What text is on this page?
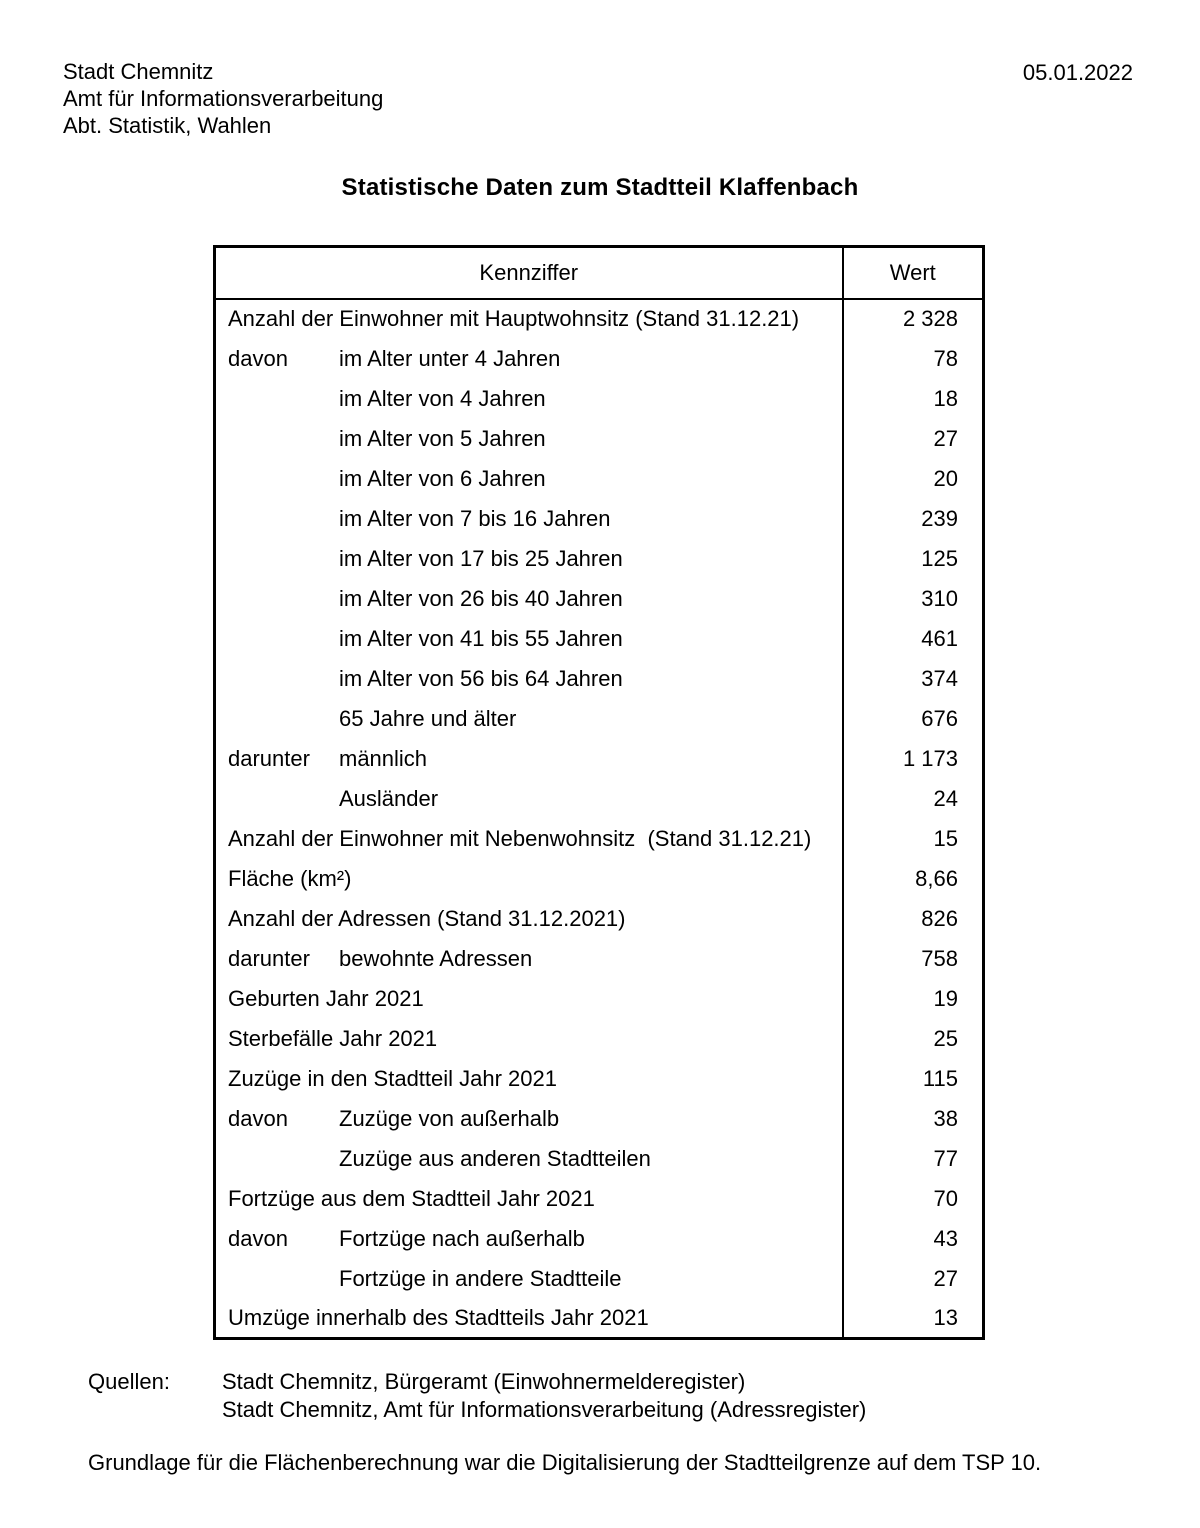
Stadt Chemnitz
Amt für Informationsverarbeitung
Abt. Statistik, Wahlen
05.01.2022
Statistische Daten zum Stadtteil Klaffenbach
Kennziffer	Wert
Anzahl der Einwohner mit Hauptwohnsitz (Stand 31.12.21)	2 328
davon im Alter unter 4 Jahren	78
im Alter von 4 Jahren	18
im Alter von 5 Jahren	27
im Alter von 6 Jahren	20
im Alter von 7 bis 16 Jahren	239
im Alter von 17 bis 25 Jahren	125
im Alter von 26 bis 40 Jahren	310
im Alter von 41 bis 55 Jahren	461
im Alter von 56 bis 64 Jahren	374
65 Jahre und älter	676
darunter männlich	1 173
Ausländer	24
Anzahl der Einwohner mit Nebenwohnsitz  (Stand 31.12.21)	15
Fläche (km²)	8,66
Anzahl der Adressen (Stand 31.12.2021)	826
darunter bewohnte Adressen	758
Geburten Jahr 2021	19
Sterbefälle Jahr 2021	25
Zuzüge in den Stadtteil Jahr 2021	115
davon Zuzüge von außerhalb	38
Zuzüge aus anderen Stadtteilen	77
Fortzüge aus dem Stadtteil Jahr 2021	70
davon Fortzüge nach außerhalb	43
Fortzüge in andere Stadtteile	27
Umzüge innerhalb des Stadtteils Jahr 2021	13
Quellen:	Stadt Chemnitz, Bürgeramt (Einwohnermelderegister)
Stadt Chemnitz, Amt für Informationsverarbeitung (Adressregister)
Grundlage für die Flächenberechnung war die Digitalisierung der Stadtteilgrenze auf dem TSP 10.
